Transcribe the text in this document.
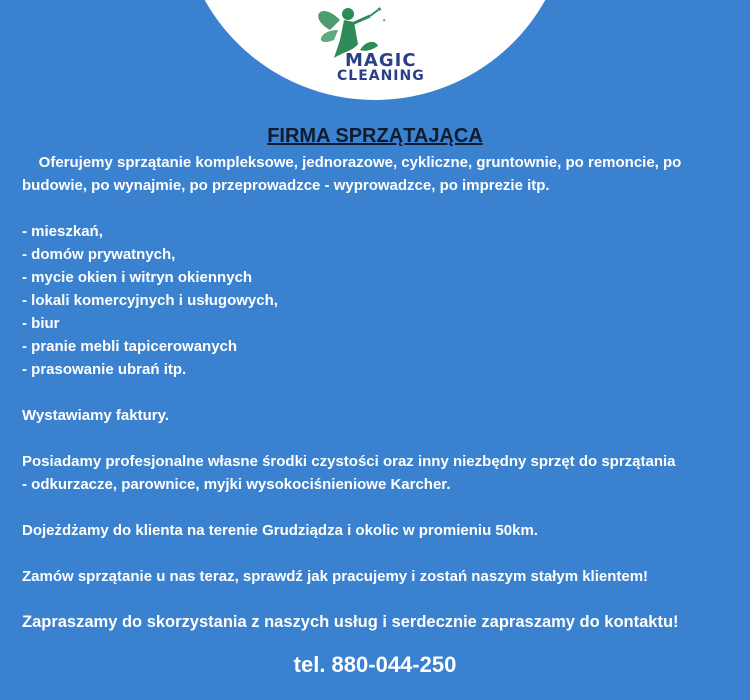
✦
✦
MAGIC
CLEANING
FIRMA SPRZĄTAJĄCA

Oferujemy sprzątanie kompleksowe, jednorazowe, cykliczne, gruntownie, po remoncie, po budowie, po wynajmie, po przeprowadzce - wyprowadzce, po imprezie itp.

- mieszkań,

- domów prywatnych,

- mycie okien i witryn okiennych

- lokali komercyjnych i usługowych,

- biur

- pranie mebli tapicerowanych

- prasowanie ubrań itp.

Wystawiamy faktury.

Posiadamy profesjonalne własne środki czystości oraz inny niezbędny sprzęt do sprzątania

- odkurzacze, parownice, myjki wysokociśnieniowe Karcher.

Dojeżdżamy do klienta na terenie Grudziądza i okolic w promieniu 50km.

Zamów sprzątanie u nas teraz, sprawdź jak pracujemy i zostań naszym stałym klientem!

Zapraszamy do skorzystania z naszych usług i serdecznie zapraszamy do kontaktu!

tel. 880-044-250
